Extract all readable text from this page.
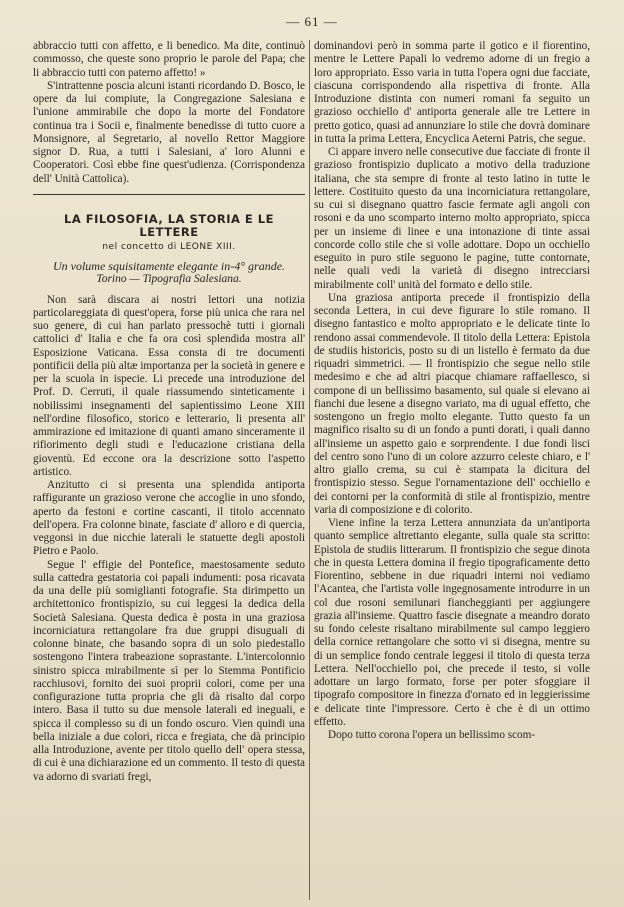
— 61 —

abbraccio tutti con affetto, e li benedico. Ma dite, continuò commosso, che queste sono proprio le parole del Papa; che li abbraccio tutti con paterno affetto! »

S'intrattenne poscia alcuni istanti ricordando D. Bosco, le opere da lui compiute, la Congregazione Salesiana e l'unione ammirabile che dopo la morte del Fondatore continua tra i Socii e, finalmente benedisse di tutto cuore a Monsignore, al Segretario, al novello Rettor Maggiore signor D. Rua, a tutti i Salesiani, a' loro Alunni e Cooperatori. Così ebbe fine quest'udienza. (Corrispondenza dell' Unità Cattolica).

LA FILOSOFIA, LA STORIA E LE LETTERE
nel concetto di LEONE XIII.
Un volume squisitamente elegante in-4° grande.
Torino — Tipografia Salesiana.

Non sarà discara ai nostri lettori una notizia particolareggiata di quest'opera, forse più unica che rara nel suo genere, di cui han parlato pressochè tutti i giornali cattolici d' Italia e che fa ora così splendida mostra all' Esposizione Vaticana. Essa consta di tre documenti pontificii della più altæ importanza per la società in genere e per la scuola in ispecie. Li precede una introduzione del Prof. D. Cerruti, il quale riassumendo sinteticamente i nobilissimi insegnamenti del sapientissimo Leone XIII nell'ordine filosofico, storico e letterario, li presenta all' ammirazione ed imitazione di quanti amano sinceramente il rifiorimento degli studi e l'educazione cristiana della gioventù. Ed eccone ora la descrizione sotto l'aspetto artistico.

Anzitutto ci si presenta una splendida antiporta raffigurante un grazioso verone che accoglie in uno sfondo, aperto da festoni e cortine cascanti, il titolo accennato dell'opera. Fra colonne binate, fasciate d' alloro e di quercia, veggonsi in due nicchie laterali le statuette degli apostoli Pietro e Paolo.

Segue l' effigie del Pontefice, maestosamente seduto sulla cattedra gestatoria coi papali indumenti: posa ricavata da una delle più somiglianti fotografie. Sta dirimpetto un architettonico frontispizio, su cui leggesi la dedica della Società Salesiana. Questa dedica è posta in una graziosa incorniciatura rettangolare fra due gruppi disuguali di colonne binate, che basando sopra di un solo piedestallo sostengono l'intera trabeazione soprastante. L'intercolonnio sinistro spicca mirabilmente sì per lo Stemma Pontificio racchiusovi, fornito dei suoi proprii colori, come per una configurazione tutta propria che gli dà risalto dal corpo intero. Basa il tutto su due mensole laterali ed ineguali, e spicca il complesso su di un fondo oscuro. Vien quindi una bella iniziale a due colori, ricca e fregiata, che dà principio alla Introduzione, avente per titolo quello dell' opera stessa, di cui è una dichiarazione ed un commento. Il testo di questa va adorno di svariati fregi,

dominandovi però in somma parte il gotico e il fiorentino, mentre le Lettere Papali lo vedremo adorne di un fregio a loro appropriato. Esso varia in tutta l'opera ogni due facciate, ciascuna corrispondendo alla rispettiva di fronte. Alla Introduzione distinta con numeri romani fa seguito un grazioso occhiello d' antiporta generale alle tre Lettere in pretto gotico, quasi ad annunziare lo stile che dovrà dominare in tutta la prima Lettera, Encyclica Aeterni Patris, che segue.

Ci appare invero nelle consecutive due facciate di fronte il grazioso frontispizio duplicato a motivo della traduzione italiana, che sta sempre di fronte al testo latino in tutte le lettere. Costituito questo da una incorniciatura rettangolare, su cui si disegnano quattro fascie fermate agli angoli con rosoni e da uno scomparto interno molto appropriato, spicca per un insieme di linee e una intonazione di tinte assai concorde collo stile che si volle adottare. Dopo un occhiello eseguito in puro stile seguono le pagine, tutte contornate, nelle quali vedi la varietà di disegno intrecciarsi mirabilmente coll' unità del formato e dello stile.

Una graziosa antiporta precede il frontispizio della seconda Lettera, in cui deve figurare lo stile romano. Il disegno fantastico e molto appropriato e le delicate tinte lo rendono assai commendevole. Il titolo della Lettera: Epistola de studiis historicis, posto su di un listello è fermato da due riquadri simmetrici. — Il frontispizio che segue nello stile medesimo e che ad altri piacque chiamare raffaellesco, si compone di un bellissimo basamento, sul quale si elevano ai fianchi due lesene a disegno variato, ma di ugual effetto, che sostengono un fregio molto elegante. Tutto questo fa un magnifico risalto su di un fondo a punti dorati, i quali danno all'insieme un aspetto gaio e sorprendente. I due fondi lisci del centro sono l'uno di un colore azzurro celeste chiaro, e l' altro giallo crema, su cui è stampata la dicitura del frontispizio stesso. Segue l'ornamentazione dell' occhiello e dei contorni per la conformità di stile al frontispizio, mentre varia di composizione e di colorito.

Viene infine la terza Lettera annunziata da un'antiporta quanto semplice altrettanto elegante, sulla quale sta scritto: Epistola de studiis litterarum. Il frontispizio che segue dinota che in questa Lettera domina il fregio tipograficamente detto Fiorentino, sebbene in due riquadri interni noi vediamo l'Acantea, che l'artista volle ingegnosamente introdurre in un col due rosoni semilunari fiancheggianti per aggiungere grazia all'insieme. Quattro fascie disegnate a meandro dorato su fondo celeste risaltano mirabilmente sul campo leggiero della cornice rettangolare che sotto vi si disegna, mentre su di un semplice fondo centrale leggesi il titolo di questa terza Lettera. Nell'occhiello poi, che precede il testo, si volle adottare un largo formato, forse per poter sfoggiare il tipografo compositore in finezza d'ornato ed in leggierissime e delicate tinte l'impressore. Certo è che è di un ottimo effetto.

Dopo tutto corona l'opera un bellissimo scom-
